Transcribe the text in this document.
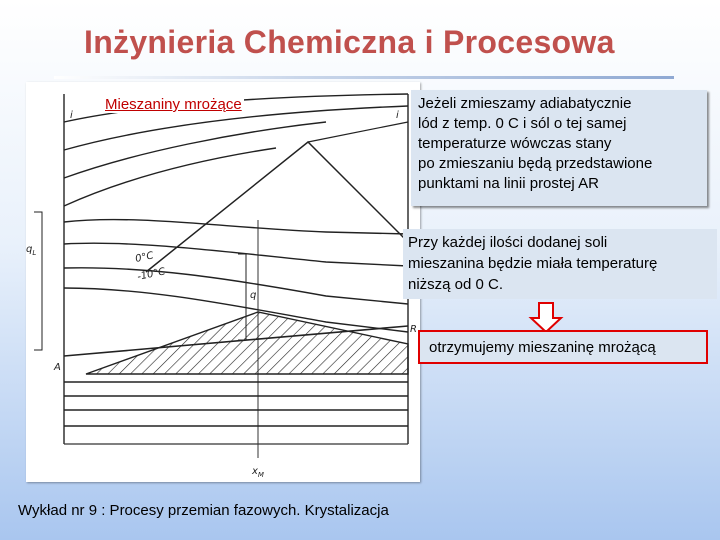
Inżynieria Chemiczna i Procesowa
i	i
$q_L$
q
0°C
-10°C
A
R
$x_M$
Mieszaniny mrożące	Jeżeli zmieszamy adiabatycznie
lód z temp. 0 C i sól o tej samej
temperaturze wówczas stany
po zmieszaniu będą przedstawione
punktami na linii prostej AR
Przy każdej ilości dodanej soli
mieszanina będzie miała temperaturę
niższą od 0 C.
otrzymujemy mieszaninę mrożącą
Wykład nr 9 : Procesy przemian fazowych. Krystalizacja
